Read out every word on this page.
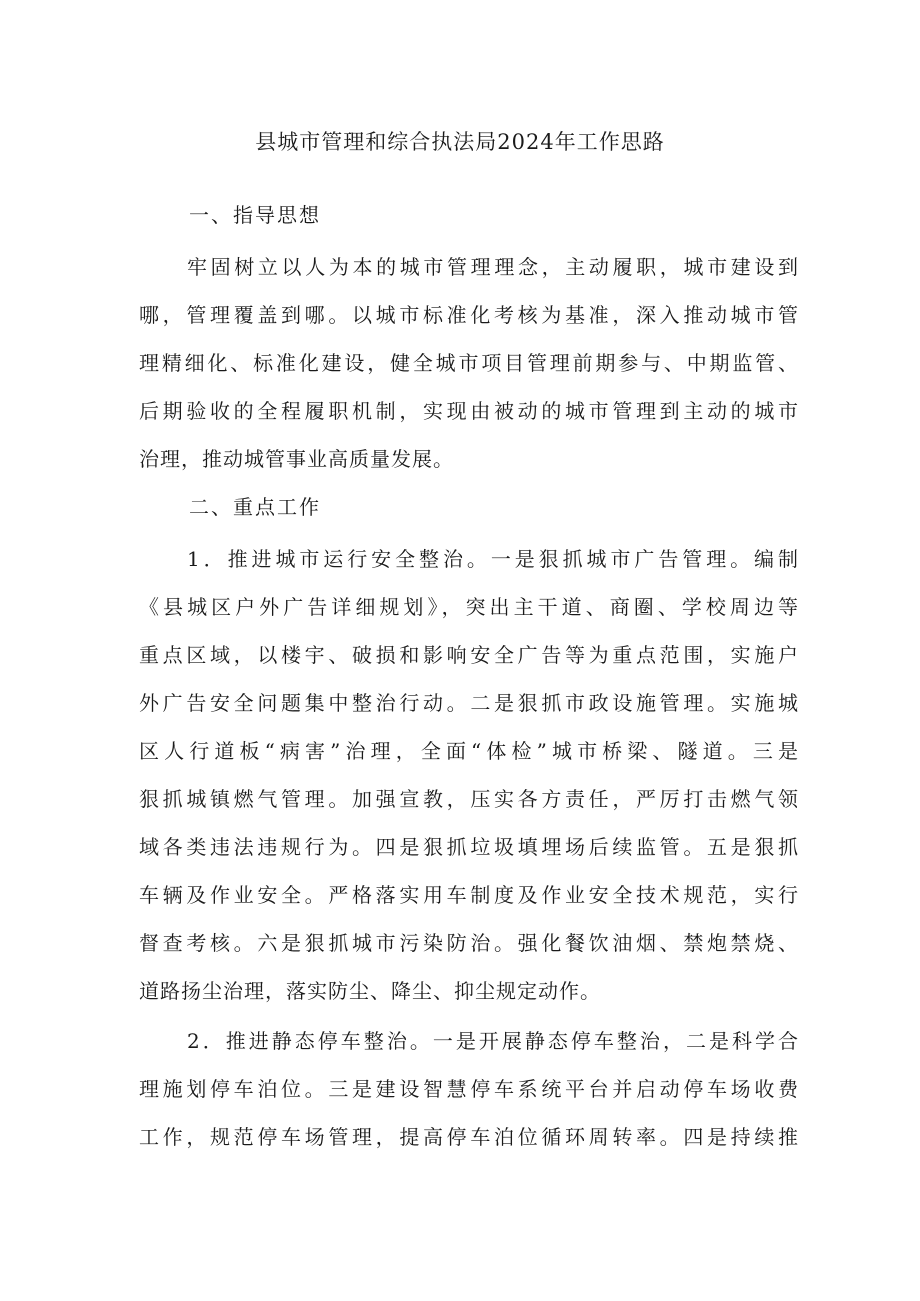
县城市管理和综合执法局2024年工作思路
一、指导思想
牢固树立以人为本的城市管理理念，主动履职，城市建设到
哪，管理覆盖到哪。以城市标准化考核为基准，深入推动城市管
理精细化、标准化建设，健全城市项目管理前期参与、中期监管、
后期验收的全程履职机制，实现由被动的城市管理到主动的城市
治理，推动城管事业高质量发展。
二、重点工作
1．推进城市运行安全整治。一是狠抓城市广告管理。编制
《县城区户外广告详细规划》，突出主干道、商圈、学校周边等
重点区域，以楼宇、破损和影响安全广告等为重点范围，实施户
外广告安全问题集中整治行动。二是狠抓市政设施管理。实施城
区人行道板“病害”治理，全面“体检”城市桥梁、隧道。三是
狠抓城镇燃气管理。加强宣教，压实各方责任，严厉打击燃气领
域各类违法违规行为。四是狠抓垃圾填埋场后续监管。五是狠抓
车辆及作业安全。严格落实用车制度及作业安全技术规范，实行
督查考核。六是狠抓城市污染防治。强化餐饮油烟、禁炮禁烧、
道路扬尘治理，落实防尘、降尘、抑尘规定动作。
2．推进静态停车整治。一是开展静态停车整治，二是科学合
理施划停车泊位。三是建设智慧停车系统平台并启动停车场收费
工作，规范停车场管理，提高停车泊位循环周转率。四是持续推
